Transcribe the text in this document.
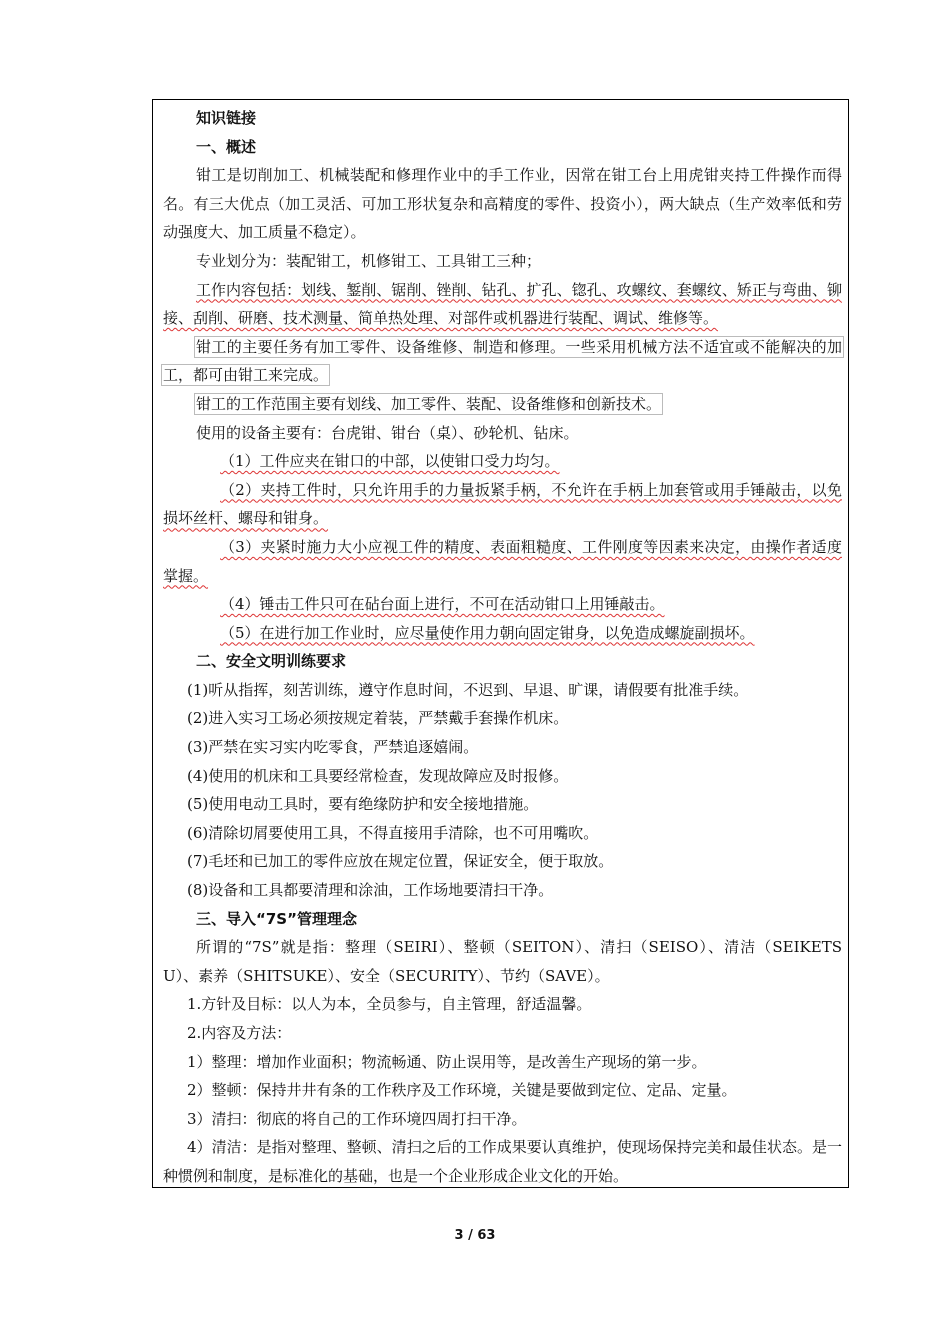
知识链接

一、概述

钳工是切削加工、机械装配和修理作业中的手工作业，因常在钳工台上用虎钳夹持工件操作而得名。有三大优点（加工灵活、可加工形状复杂和高精度的零件、投资小），两大缺点（生产效率低和劳动强度大、加工质量不稳定）。

专业划分为：装配钳工，机修钳工、工具钳工三种；

工作内容包括：划线、錾削、锯削、锉削、钻孔、扩孔、锪孔、攻螺纹、套螺纹、矫正与弯曲、铆接、刮削、研磨、技术测量、简单热处理、对部件或机器进行装配、调试、维修等。

钳工的主要任务有加工零件、设备维修、制造和修理。一些采用机械方法不适宜或不能解决的加工，都可由钳工来完成。

钳工的工作范围主要有划线、加工零件、装配、设备维修和创新技术。

使用的设备主要有：台虎钳、钳台（桌）、砂轮机、钻床。

（1）工件应夹在钳口的中部，以使钳口受力均匀。

（2）夹持工件时，只允许用手的力量扳紧手柄，不允许在手柄上加套管或用手锤敲击，以免损坏丝杆、螺母和钳身。

（3）夹紧时施力大小应视工件的精度、表面粗糙度、工件刚度等因素来决定，由操作者适度掌握。

（4）锤击工件只可在砧台面上进行，不可在活动钳口上用锤敲击。

（5）在进行加工作业时，应尽量使作用力朝向固定钳身，以免造成螺旋副损坏。

二、安全文明训练要求

(1)听从指挥，刻苦训练，遵守作息时间，不迟到、早退、旷课，请假要有批准手续。

(2)进入实习工场必须按规定着装，严禁戴手套操作机床。

(3)严禁在实习实内吃零食，严禁追逐嬉闹。

(4)使用的机床和工具要经常检查，发现故障应及时报修。

(5)使用电动工具时，要有绝缘防护和安全接地措施。

(6)清除切屑要使用工具，不得直接用手清除，也不可用嘴吹。

(7)毛坯和已加工的零件应放在规定位置，保证安全，便于取放。

(8)设备和工具都要清理和涂油，工作场地要清扫干净。

三、导入“7S”管理理念

所谓的“7S”就是指：整理（SEIRI）、整顿（SEITON）、清扫（SEISO）、清洁（SEIKETSU）、素养（SHITSUKE）、安全（SECURITY）、节约（SAVE）。

1.方针及目标：以人为本，全员参与，自主管理，舒适温馨。

2.内容及方法：

1）整理：增加作业面积；物流畅通、防止误用等，是改善生产现场的第一步。

2）整顿：保持井井有条的工作秩序及工作环境，关键是要做到定位、定品、定量。

3）清扫：彻底的将自己的工作环境四周打扫干净。

4）清洁：是指对整理、整顿、清扫之后的工作成果要认真维护，使现场保持完美和最佳状态。是一种惯例和制度，是标准化的基础，也是一个企业形成企业文化的开始。

3 / 63
